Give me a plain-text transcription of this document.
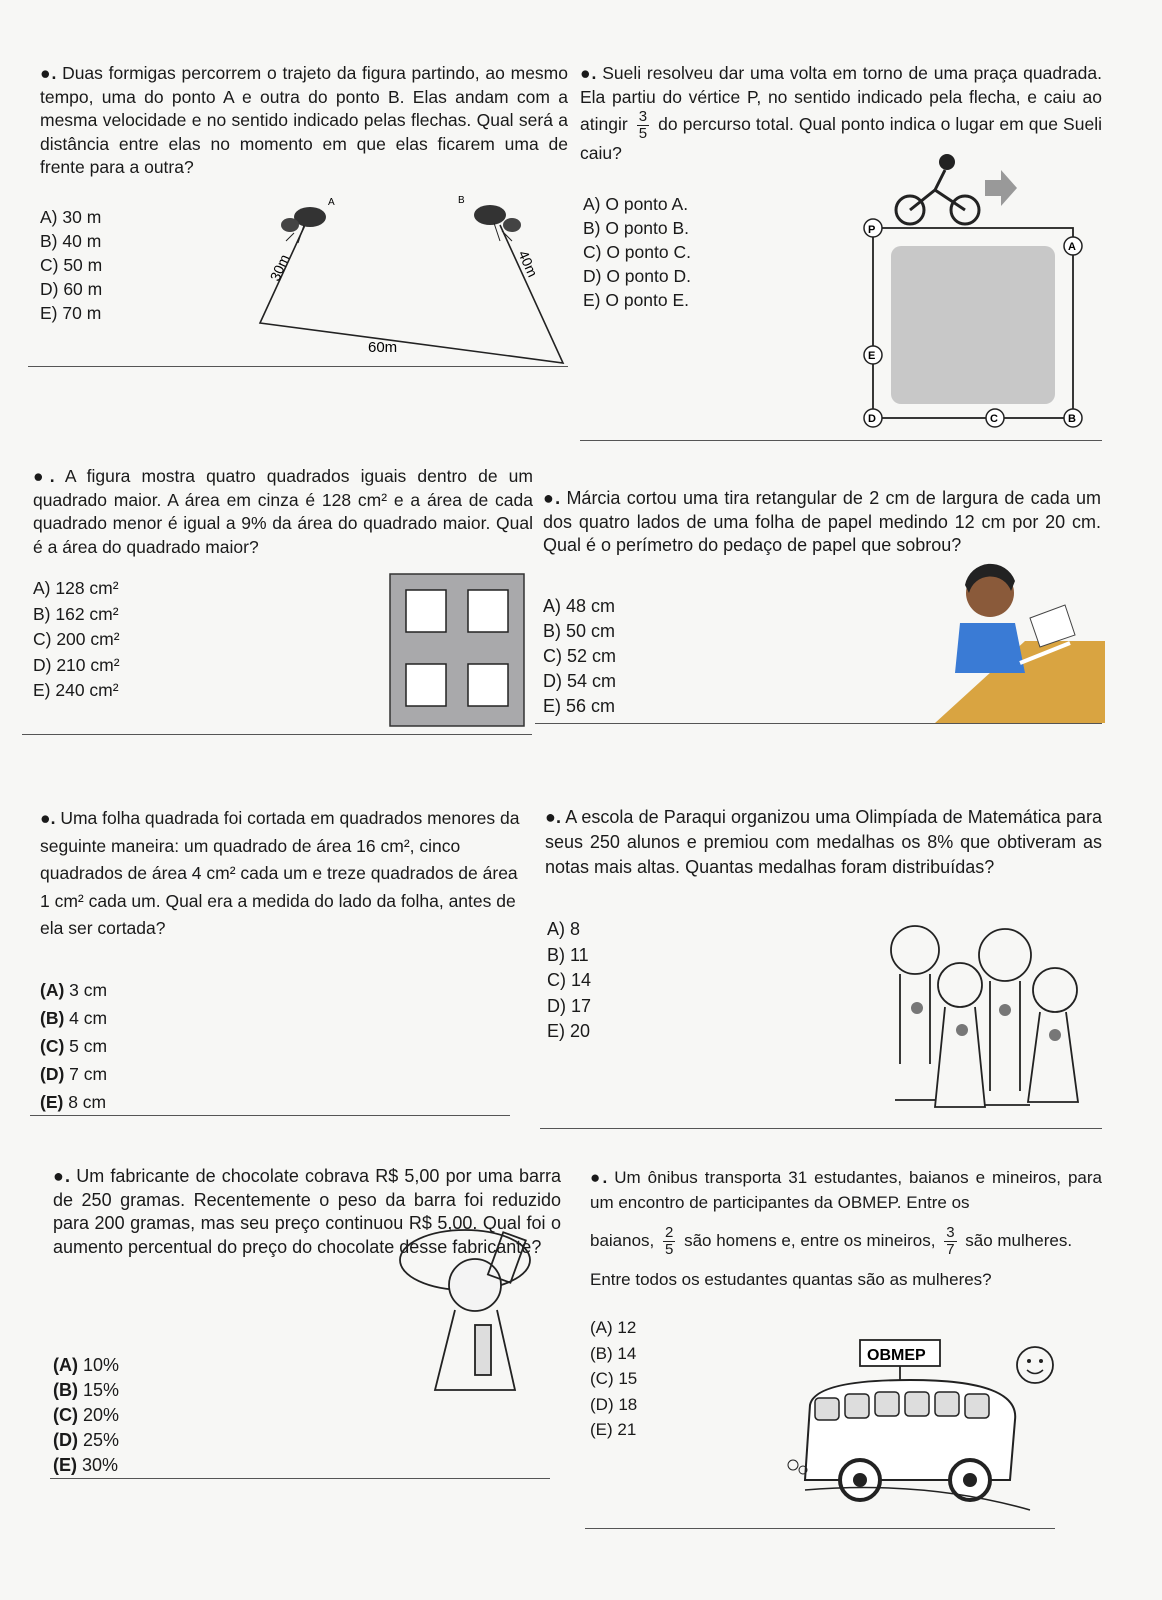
●. Duas formigas percorrem o trajeto da figura partindo, ao mesmo tempo, uma do ponto A e outra do ponto B. Elas andam com a mesma velocidade e no sentido indicado pelas flechas. Qual será a distância entre elas no momento em que elas ficarem uma de frente para a outra?

A) 30 m
B) 40 m
C) 50 m
D) 60 m
E) 70 m
A	B
30m	40m
60m

●. Sueli resolveu dar uma volta em torno de uma praça quadrada. Ela partiu do vértice P, no sentido indicado pela flecha, e caiu ao atingir $\frac{3}{5}$ do percurso total. Qual ponto indica o lugar em que Sueli caiu?

A) O ponto A.
B) O ponto B.
C) O ponto C.
D) O ponto D.
E) O ponto E.
P
A
B
C
D
E

●. A figura mostra quatro quadrados iguais dentro de um quadrado maior. A área em cinza é 128 cm² e a área de cada quadrado menor é igual a 9% da área do quadrado maior. Qual é a área do quadrado maior?

A) 128 cm²
B) 162 cm²
C) 200 cm²
D) 210 cm²
E) 240 cm²

●. Márcia cortou uma tira retangular de 2 cm de largura de cada um dos quatro lados de uma folha de papel medindo 12 cm por 20 cm. Qual é o perímetro do pedaço de papel que sobrou?

A) 48 cm
B) 50 cm
C) 52 cm
D) 54 cm
E) 56 cm

●. Uma folha quadrada foi cortada em quadrados menores da seguinte maneira: um quadrado de área 16 cm², cinco quadrados de área 4 cm² cada um e treze quadrados de área 1 cm² cada um. Qual era a medida do lado da folha, antes de ela ser cortada?

(A) 3 cm
(B) 4 cm
(C) 5 cm
(D) 7 cm
(E) 8 cm

●. A escola de Paraqui organizou uma Olimpíada de Matemática para seus 250 alunos e premiou com medalhas os 8% que obtiveram as notas mais altas. Quantas medalhas foram distribuídas?

A) 8
B) 11
C) 14
D) 17
E) 20

●. Um fabricante de chocolate cobrava R$ 5,00 por uma barra de 250 gramas. Recentemente o peso da barra foi reduzido para 200 gramas, mas seu preço continuou R$ 5,00. Qual foi o aumento percentual do preço do chocolate desse fabricante?

(A) 10%
(B) 15%
(C) 20%
(D) 25%
(E) 30%

●. Um ônibus transporta 31 estudantes, baianos e mineiros, para um encontro de participantes da OBMEP. Entre os

baianos, $\frac{2}{5}$ são homens e, entre os mineiros, $\frac{3}{7}$ são mulheres.

Entre todos os estudantes quantas são as mulheres?

(A) 12
(B) 14
(C) 15
(D) 18
(E) 21
OBMEP
